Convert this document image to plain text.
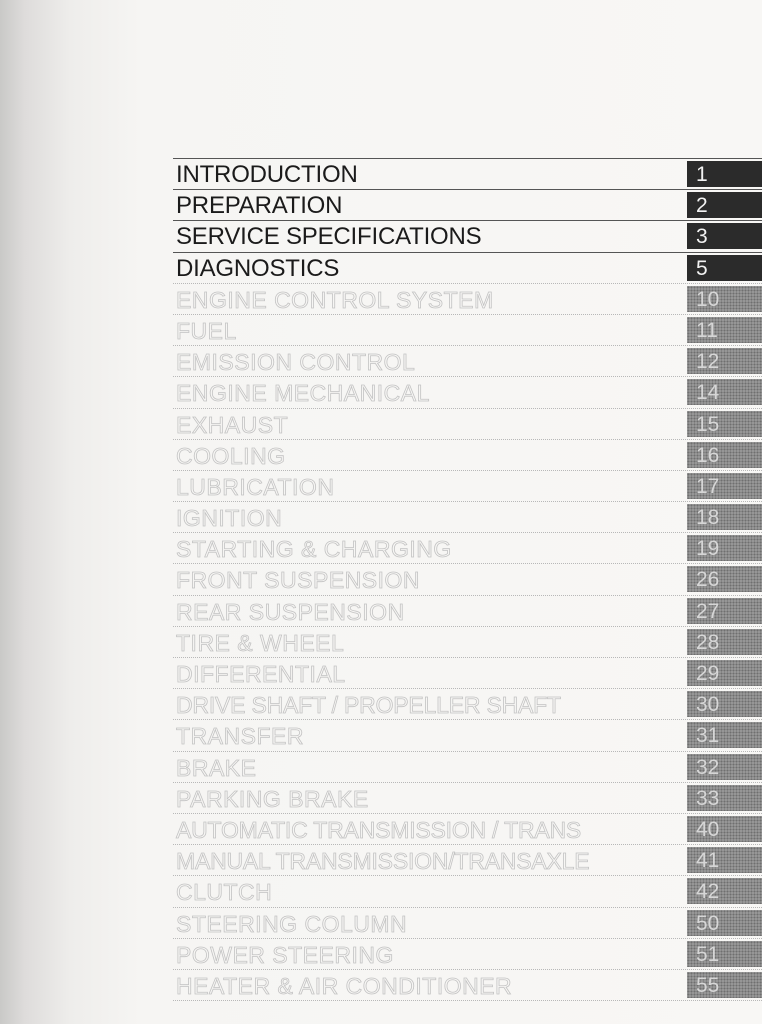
INTRODUCTION	1
PREPARATION	2
SERVICE SPECIFICATIONS	3
DIAGNOSTICS	5
ENGINE CONTROL SYSTEM	10
FUEL	11
EMISSION CONTROL	12
ENGINE MECHANICAL	14
EXHAUST	15
COOLING	16
LUBRICATION	17
IGNITION	18
STARTING & CHARGING	19
FRONT SUSPENSION	26
REAR SUSPENSION	27
TIRE & WHEEL	28
DIFFERENTIAL	29
DRIVE SHAFT / PROPELLER SHAFT	30
TRANSFER	31
BRAKE	32
PARKING BRAKE	33
AUTOMATIC TRANSMISSION / TRANS	40
MANUAL TRANSMISSION/TRANSAXLE	41
CLUTCH	42
STEERING COLUMN	50
POWER STEERING	51
HEATER & AIR CONDITIONER	55
